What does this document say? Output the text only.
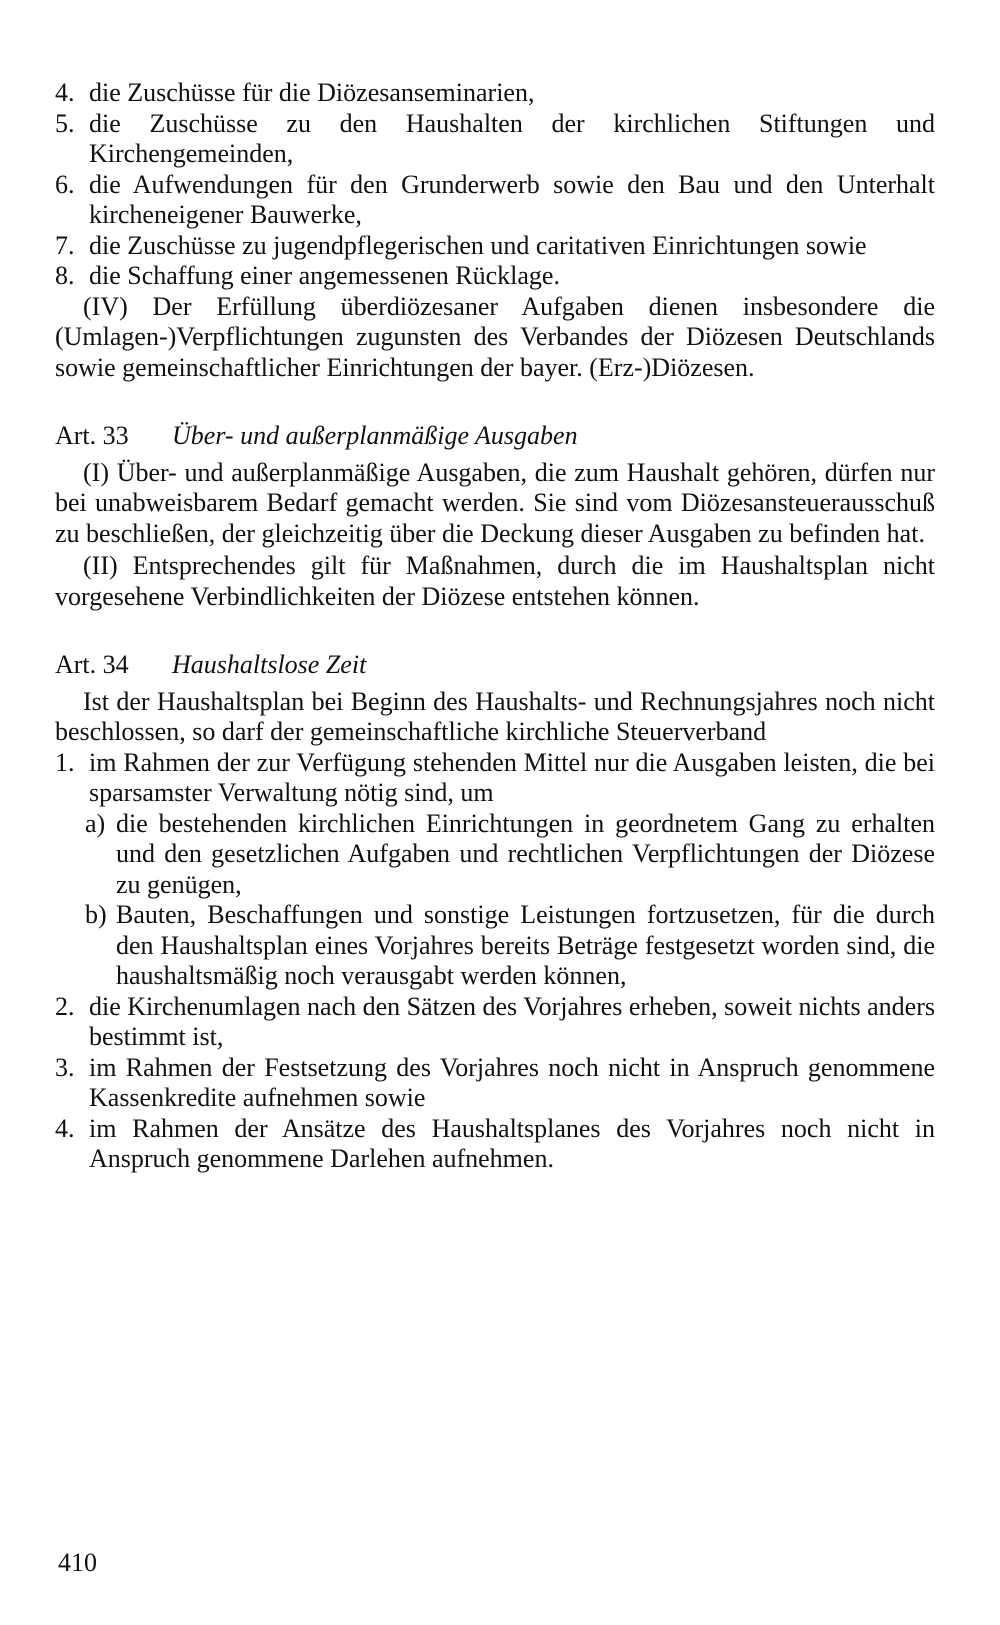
4. die Zuschüsse für die Diözesanseminarien,
5. die Zuschüsse zu den Haushalten der kirchlichen Stiftungen und Kirchengemeinden,
6. die Aufwendungen für den Grunderwerb sowie den Bau und den Unterhalt kircheneigener Bauwerke,
7. die Zuschüsse zu jugendpflegerischen und caritativen Einrichtungen sowie
8. die Schaffung einer angemessenen Rücklage.

(IV) Der Erfüllung überdiözesaner Aufgaben dienen insbesondere die (Umlagen-)Verpflichtungen zugunsten des Verbandes der Diözesen Deutschlands sowie gemeinschaftlicher Einrichtungen der bayer. (Erz-)Diözesen.

Art. 33	Über- und außerplanmäßige Ausgaben

(I) Über- und außerplanmäßige Ausgaben, die zum Haushalt gehören, dürfen nur bei unabweisbarem Bedarf gemacht werden. Sie sind vom Diözesansteuerausschuß zu beschließen, der gleichzeitig über die Deckung dieser Ausgaben zu befinden hat.

(II) Entsprechendes gilt für Maßnahmen, durch die im Haushaltsplan nicht vorgesehene Verbindlichkeiten der Diözese entstehen können.

Art. 34	Haushaltslose Zeit

Ist der Haushaltsplan bei Beginn des Haushalts- und Rechnungsjahres noch nicht beschlossen, so darf der gemeinschaftliche kirchliche Steuerverband

1. im Rahmen der zur Verfügung stehenden Mittel nur die Ausgaben leisten, die bei sparsamster Verwaltung nötig sind, um
a) die bestehenden kirchlichen Einrichtungen in geordnetem Gang zu erhalten und den gesetzlichen Aufgaben und rechtlichen Verpflichtungen der Diözese zu genügen,
b) Bauten, Beschaffungen und sonstige Leistungen fortzusetzen, für die durch den Haushaltsplan eines Vorjahres bereits Beträge festgesetzt worden sind, die haushaltsmäßig noch verausgabt werden können,
2. die Kirchenumlagen nach den Sätzen des Vorjahres erheben, soweit nichts anders bestimmt ist,
3. im Rahmen der Festsetzung des Vorjahres noch nicht in Anspruch genommene Kassenkredite aufnehmen sowie
4. im Rahmen der Ansätze des Haushaltsplanes des Vorjahres noch nicht in Anspruch genommene Darlehen aufnehmen.
410
